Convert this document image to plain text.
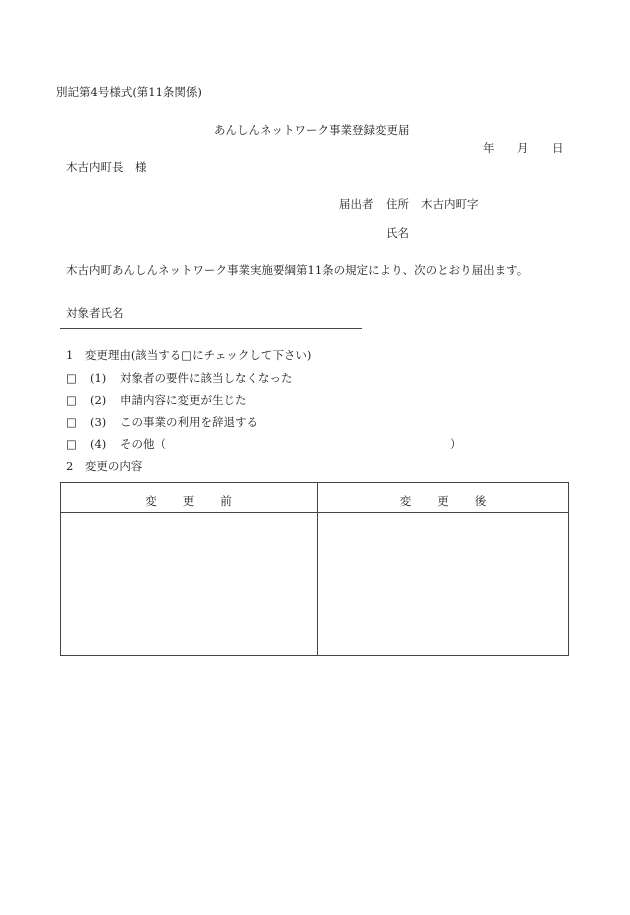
別記第4号様式(第11条関係)
あんしんネットワーク事業登録変更届
年 月 日
木古内町長　様
届出者 住所 木古内町字
氏名
木古内町あんしんネットワーク事業実施要綱第11条の規定により、次のとおり届出ます。
対象者氏名
1　変更理由(該当する□にチェックして下さい)
□ (1) 対象者の要件に該当しなくなった
□ (2) 申請内容に変更が生じた
□ (3) この事業の利用を辞退する
□ (4) その他（	）
2　変更の内容
変　　更　　前	変　　更　　後
